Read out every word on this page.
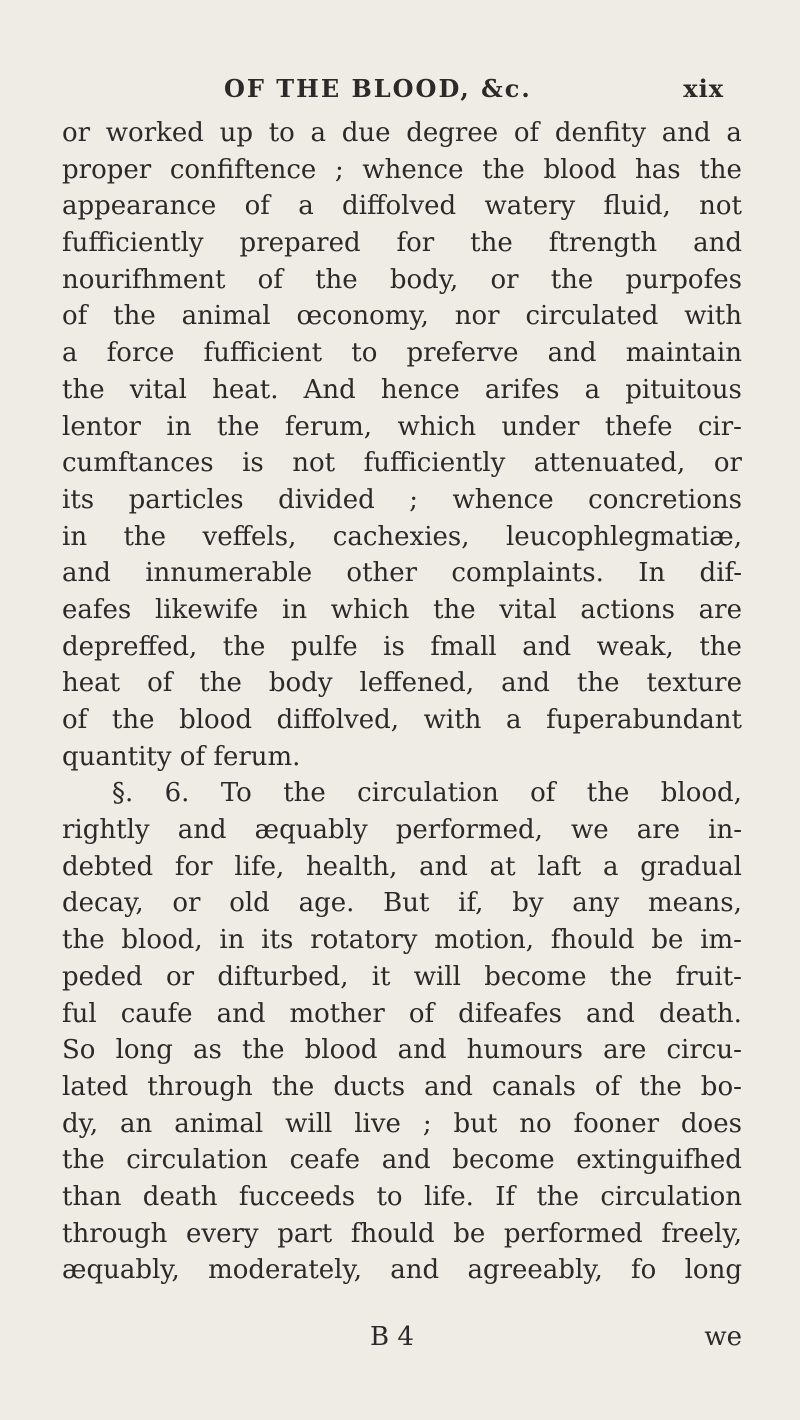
OF THE BLOOD, &c.	xix
or worked up to a due degree of denfity and a
proper confiftence ; whence the blood has the
appearance of a diffolved watery fluid, not
fufficiently prepared for the ftrength and
nourifhment of the body, or the purpofes
of the animal œconomy, nor circulated with
a force fufficient to preferve and maintain
the vital heat. And hence arifes a pituitous
lentor in the ferum, which under thefe cir-
cumftances is not fufficiently attenuated, or
its particles divided ; whence concretions
in the veffels, cachexies, leucophlegmatiæ,
and innumerable other complaints. In dif-
eafes likewife in which the vital actions are
depreffed, the pulfe is fmall and weak, the
heat of the body leffened, and the texture
of the blood diffolved, with a fuperabundant
quantity of ferum.
§. 6. To the circulation of the blood,
rightly and æquably performed, we are in-
debted for life, health, and at laft a gradual
decay, or old age. But if, by any means,
the blood, in its rotatory motion, fhould be im-
peded or difturbed, it will become the fruit-
ful caufe and mother of difeafes and death.
So long as the blood and humours are circu-
lated through the ducts and canals of the bo-
dy, an animal will live ; but no fooner does
the circulation ceafe and become extinguifhed
than death fucceeds to life. If the circulation
through every part fhould be performed freely,
æquably, moderately, and agreeably, fo long
B 4	we
